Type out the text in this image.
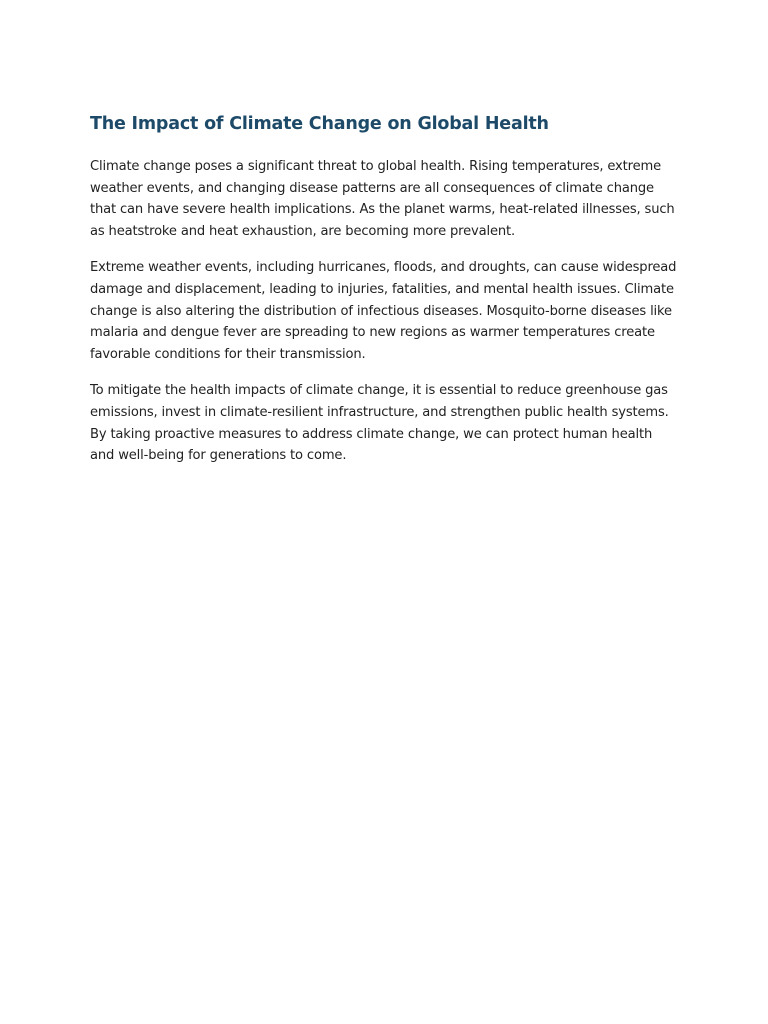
The Impact of Climate Change on Global Health

Climate change poses a significant threat to global health. Rising temperatures, extreme weather events, and changing disease patterns are all consequences of climate change that can have severe health implications. As the planet warms, heat-related illnesses, such as heatstroke and heat exhaustion, are becoming more prevalent.

Extreme weather events, including hurricanes, floods, and droughts, can cause widespread damage and displacement, leading to injuries, fatalities, and mental health issues. Climate change is also altering the distribution of infectious diseases. Mosquito-borne diseases like malaria and dengue fever are spreading to new regions as warmer temperatures create favorable conditions for their transmission.

To mitigate the health impacts of climate change, it is essential to reduce greenhouse gas emissions, invest in climate-resilient infrastructure, and strengthen public health systems. By taking proactive measures to address climate change, we can protect human health and well-being for generations to come.
